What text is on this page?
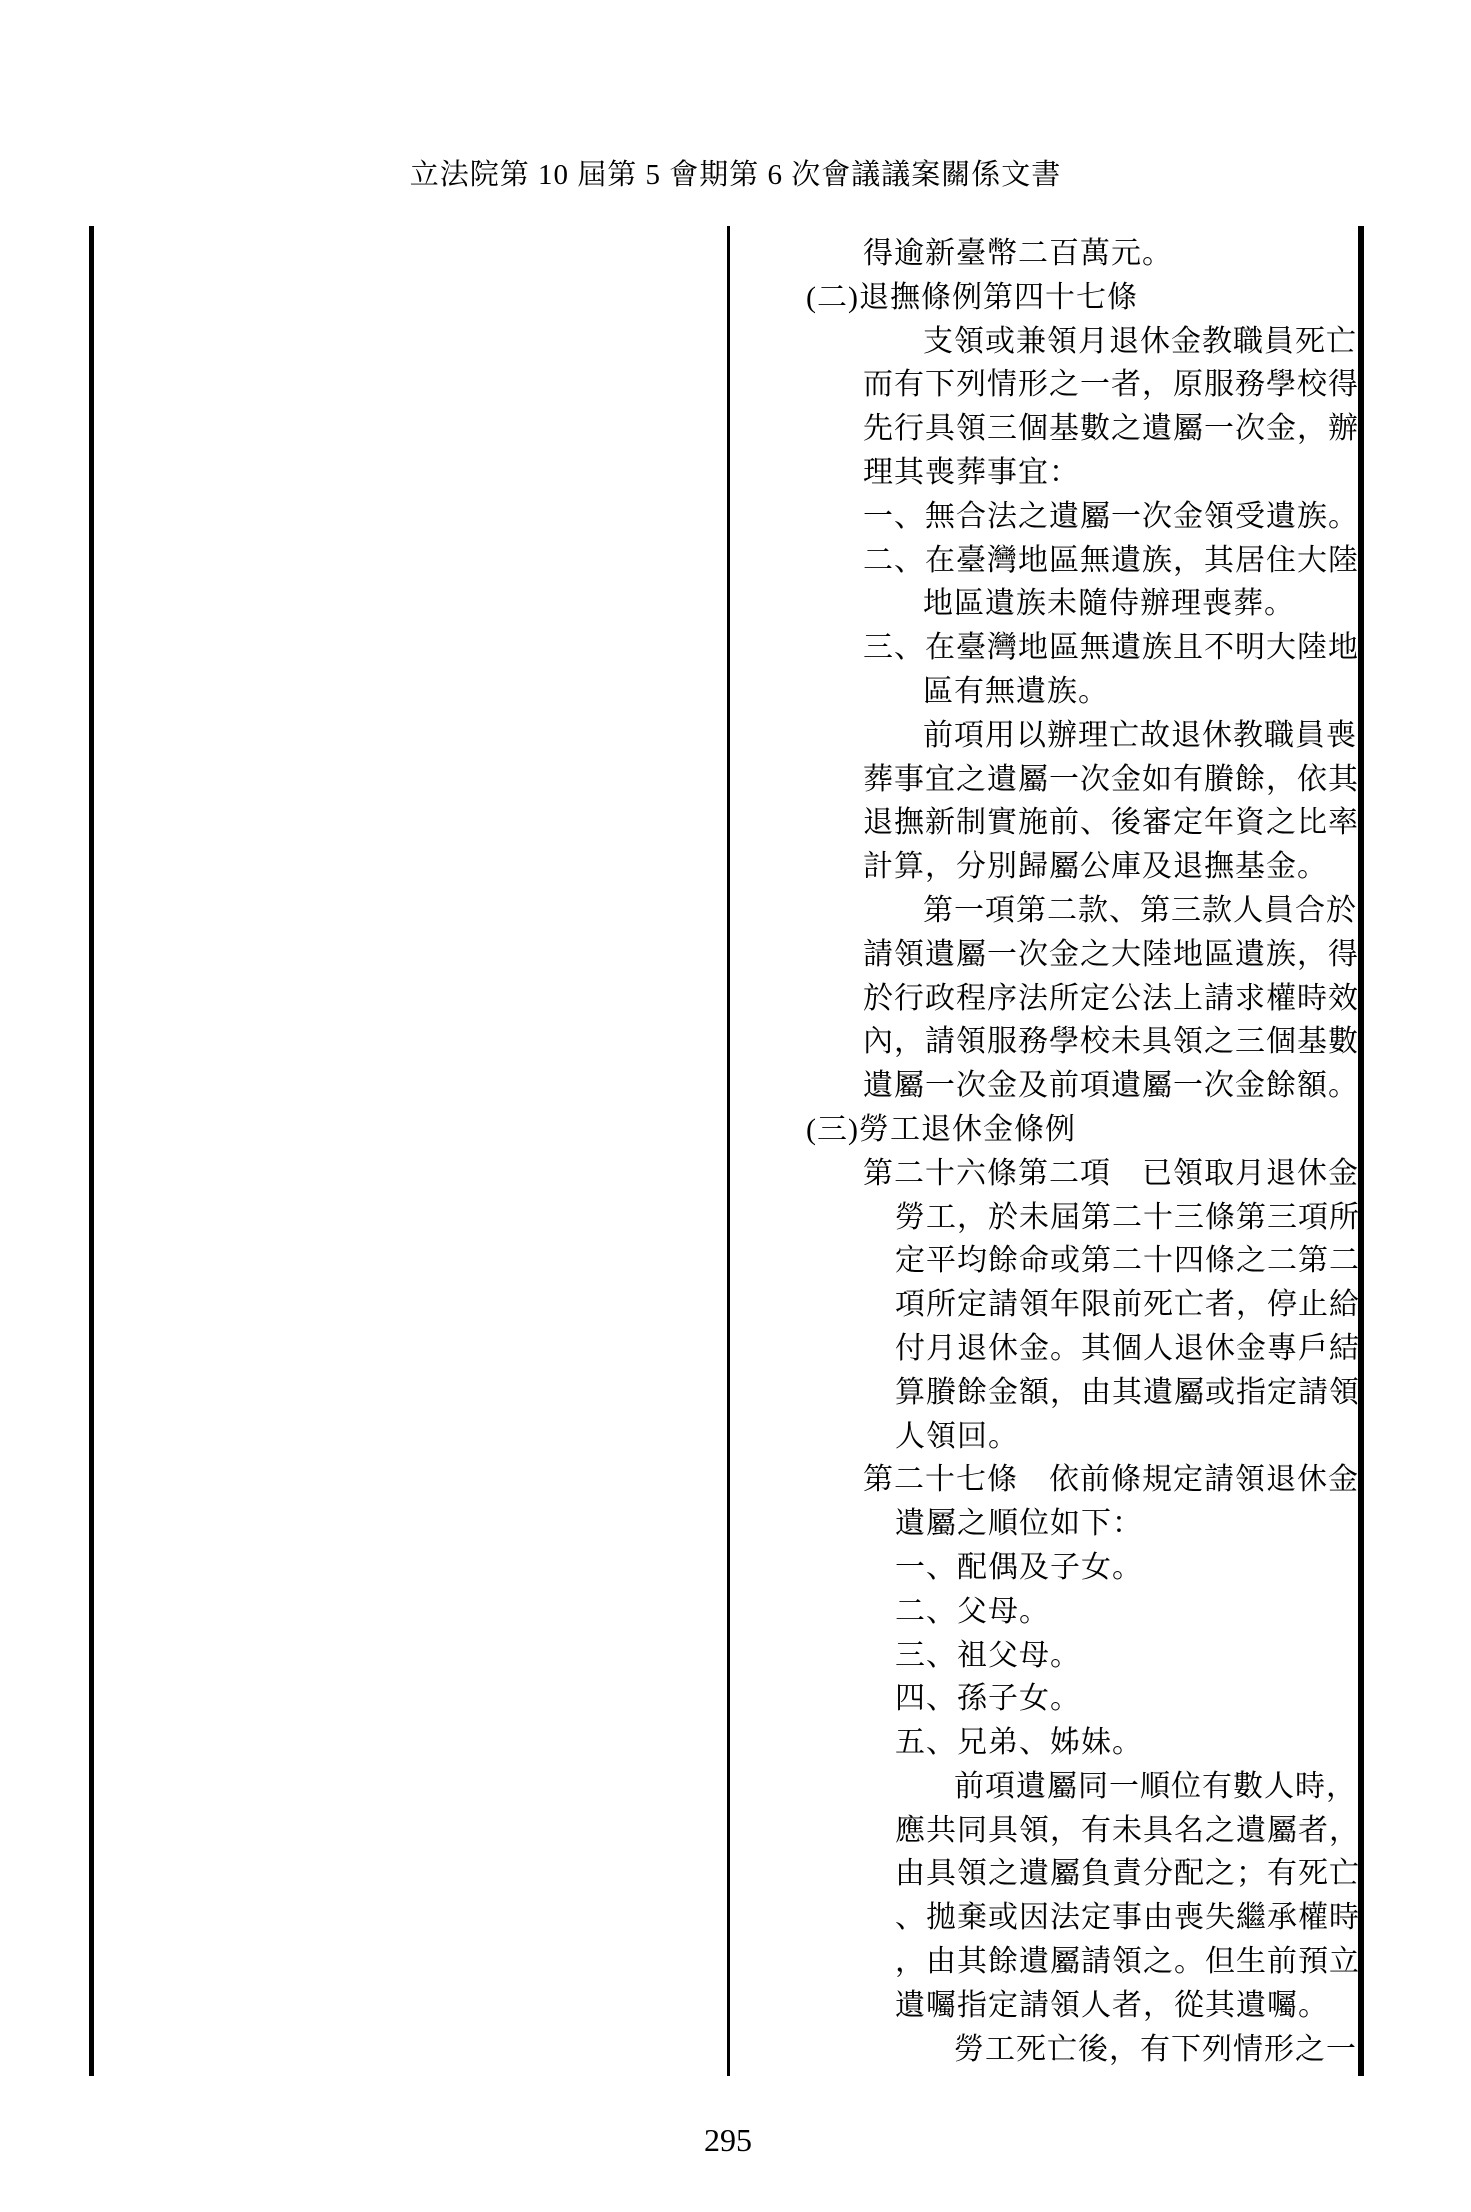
立法院第 10 屆第 5 會期第 6 次會議議案關係文書
得逾新臺幣二百萬元。
(二)退撫條例第四十七條
支領或兼領月退休金教職員死亡
而有下列情形之一者，原服務學校得
先行具領三個基數之遺屬一次金，辦
理其喪葬事宜：
一、無合法之遺屬一次金領受遺族。
二、在臺灣地區無遺族，其居住大陸
地區遺族未隨侍辦理喪葬。
三、在臺灣地區無遺族且不明大陸地
區有無遺族。
前項用以辦理亡故退休教職員喪
葬事宜之遺屬一次金如有賸餘，依其
退撫新制實施前、後審定年資之比率
計算，分別歸屬公庫及退撫基金。
第一項第二款、第三款人員合於
請領遺屬一次金之大陸地區遺族，得
於行政程序法所定公法上請求權時效
內，請領服務學校未具領之三個基數
遺屬一次金及前項遺屬一次金餘額。
(三)勞工退休金條例
第二十六條第二項　已領取月退休金
勞工，於未屆第二十三條第三項所
定平均餘命或第二十四條之二第二
項所定請領年限前死亡者，停止給
付月退休金。其個人退休金專戶結
算賸餘金額，由其遺屬或指定請領
人領回。
第二十七條　依前條規定請領退休金
遺屬之順位如下：
一、配偶及子女。
二、父母。
三、祖父母。
四、孫子女。
五、兄弟、姊妹。
前項遺屬同一順位有數人時，
應共同具領，有未具名之遺屬者，
由具領之遺屬負責分配之；有死亡
、拋棄或因法定事由喪失繼承權時
，由其餘遺屬請領之。但生前預立
遺囑指定請領人者，從其遺囑。
勞工死亡後，有下列情形之一
295
